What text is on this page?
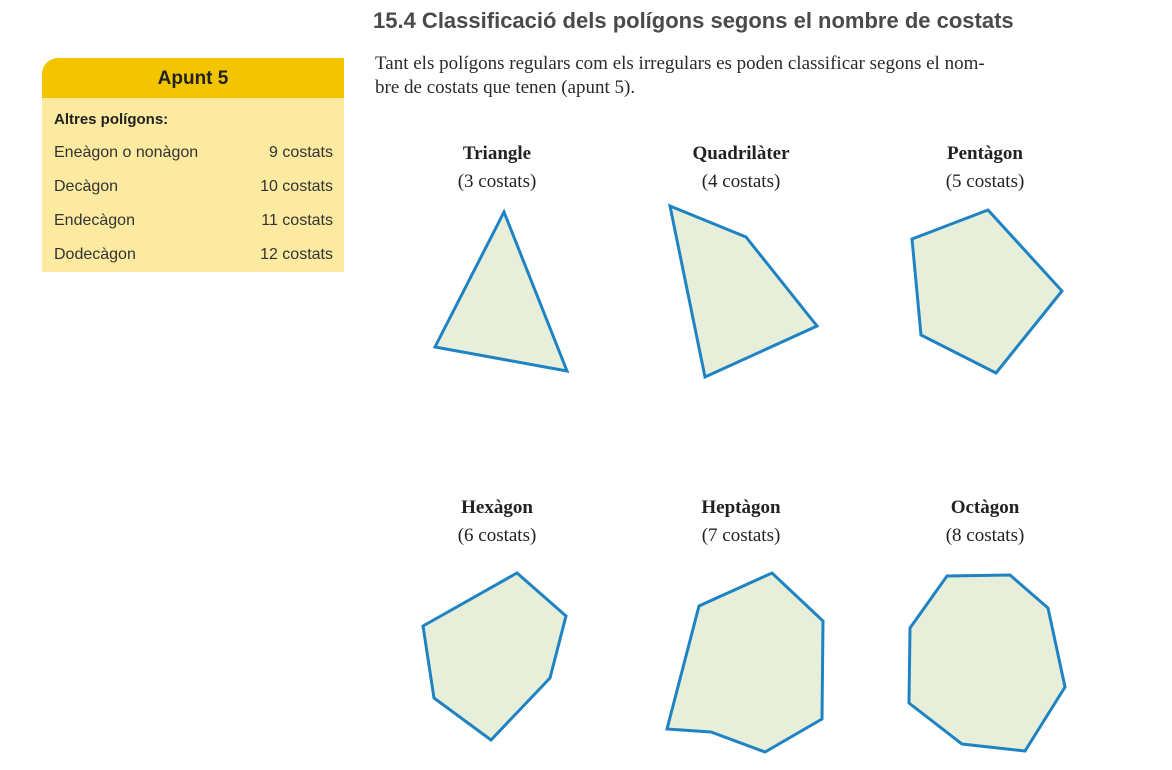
15.4 Classificació dels polígons segons el nombre de costats

Tant els polígons regulars com els irregulars es poden classificar segons el nom-
bre de costats que tenen (apunt 5).

Apunt 5
Altres polígons:
Eneàgon o nonàgon	9 costats
Decàgon	10 costats
Endecàgon	11 costats
Dodecàgon	12 costats
Triangle
(3 costats)
Quadrilàter
(4 costats)
Pentàgon
(5 costats)
Hexàgon
(6 costats)
Heptàgon
(7 costats)
Octàgon
(8 costats)
